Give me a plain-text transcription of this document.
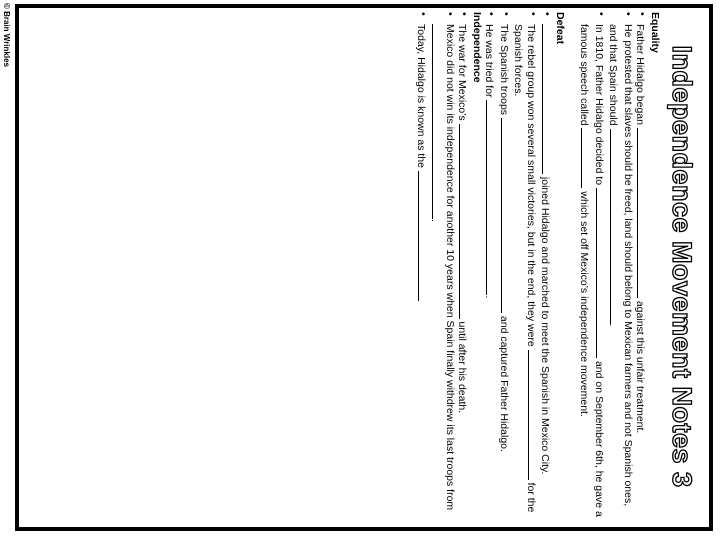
© Brain Wrinkles
Independence Movement Notes 3
Equality
•
Father Hidalgo began  against this unfair treatment.
•
He protested that slaves should be freed, land should belong to Mexican farmers and not Spanish ones, and that Spain should .
•
In 1810, Father Hidalgo decided to  and on September 6th, he gave a famous speech called  which set off Mexico’s independence movement.
Defeat
•
joined Hidalgo and marched to meet the Spanish in Mexico City.
•
The rebel group won several small victories, but in the end, they were  for the Spanish forces.
•
The Spanish troops  and captured Father Hidalgo.
•
He was tried for .
Independence
•
The war for Mexico’s  until after his death.
•
Mexico did not win its independence for another 10 years when Spain finally withdrew its last troops from .
•
Today, Hidalgo is known as the
